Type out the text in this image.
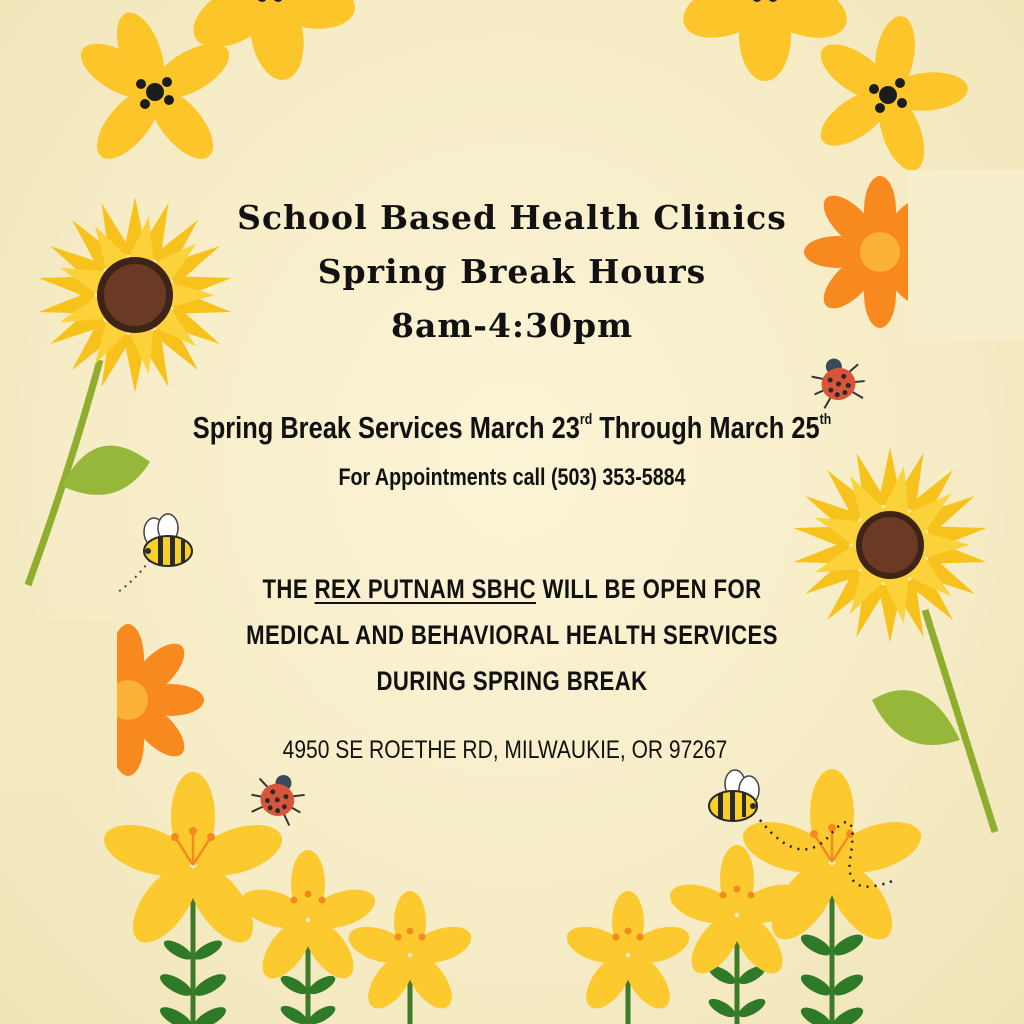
School Based Health Clinics
Spring Break Hours
8am-4:30pm
Spring Break Services March 23rd Through March 25th
For Appointments call (503) 353-5884
THE REX PUTNAM SBHC WILL BE OPEN FOR
MEDICAL AND BEHAVIORAL HEALTH SERVICES
DURING SPRING BREAK
4950 SE ROETHE RD, MILWAUKIE, OR 97267
